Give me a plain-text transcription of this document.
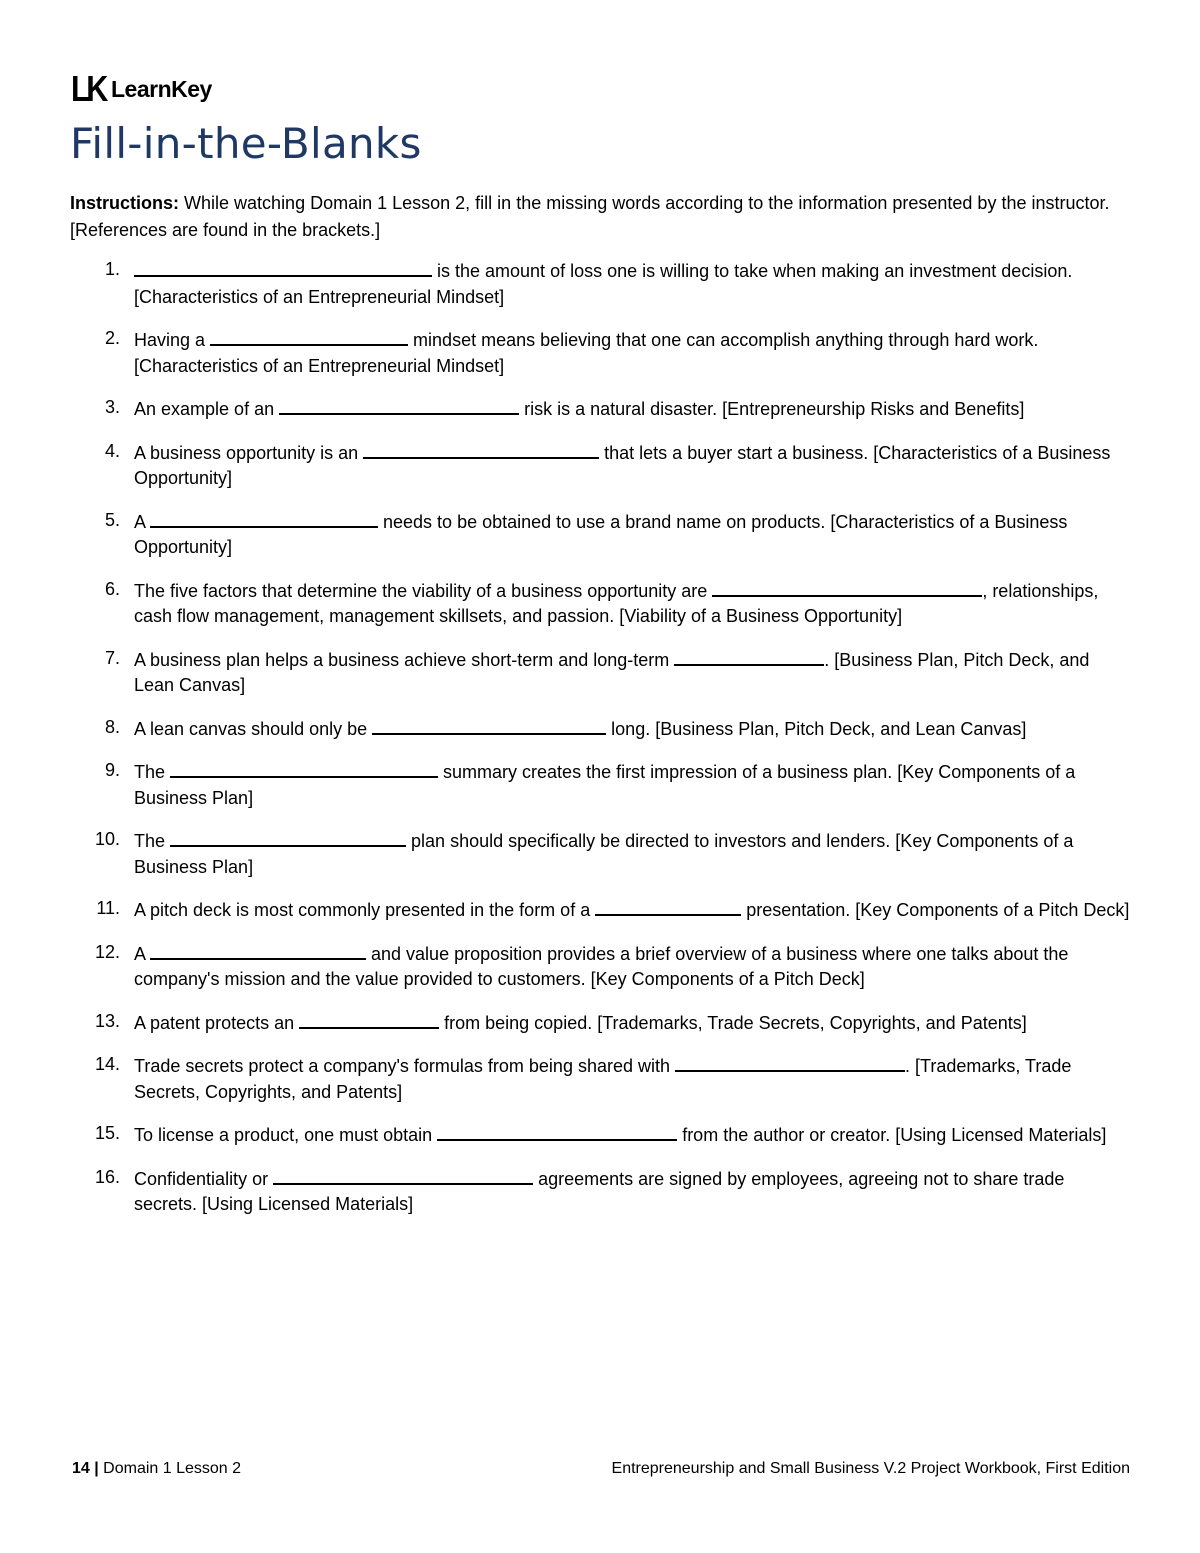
LK LearnKey
Fill-in-the-Blanks

Instructions: While watching Domain 1 Lesson 2, fill in the missing words according to the information presented by the instructor. [References are found in the brackets.]

1.	is the amount of loss one is willing to take when making an investment decision. [Characteristics of an Entrepreneurial Mindset]
2. Having a	mindset means believing that one can accomplish anything through hard work. [Characteristics of an Entrepreneurial Mindset]
3. An example of an	risk is a natural disaster. [Entrepreneurship Risks and Benefits]
4. A business opportunity is an	that lets a buyer start a business. [Characteristics of a Business Opportunity]
5. A	needs to be obtained to use a brand name on products. [Characteristics of a Business Opportunity]
6. The five factors that determine the viability of a business opportunity are	, relationships, cash flow management, management skillsets, and passion. [Viability of a Business Opportunity]
7. A business plan helps a business achieve short-term and long-term	. [Business Plan, Pitch Deck, and Lean Canvas]
8. A lean canvas should only be	long. [Business Plan, Pitch Deck, and Lean Canvas]
9. The	summary creates the first impression of a business plan. [Key Components of a Business Plan]
10. The	plan should specifically be directed to investors and lenders. [Key Components of a Business Plan]
11. A pitch deck is most commonly presented in the form of a	presentation. [Key Components of a Pitch Deck]
12. A	and value proposition provides a brief overview of a business where one talks about the company's mission and the value provided to customers. [Key Components of a Pitch Deck]
13. A patent protects an	from being copied. [Trademarks, Trade Secrets, Copyrights, and Patents]
14. Trade secrets protect a company's formulas from being shared with	. [Trademarks, Trade Secrets, Copyrights, and Patents]
15. To license a product, one must obtain	from the author or creator. [Using Licensed Materials]
16. Confidentiality or	agreements are signed by employees, agreeing not to share trade secrets. [Using Licensed Materials]
14 | Domain 1 Lesson 2	Entrepreneurship and Small Business V.2 Project Workbook, First Edition
